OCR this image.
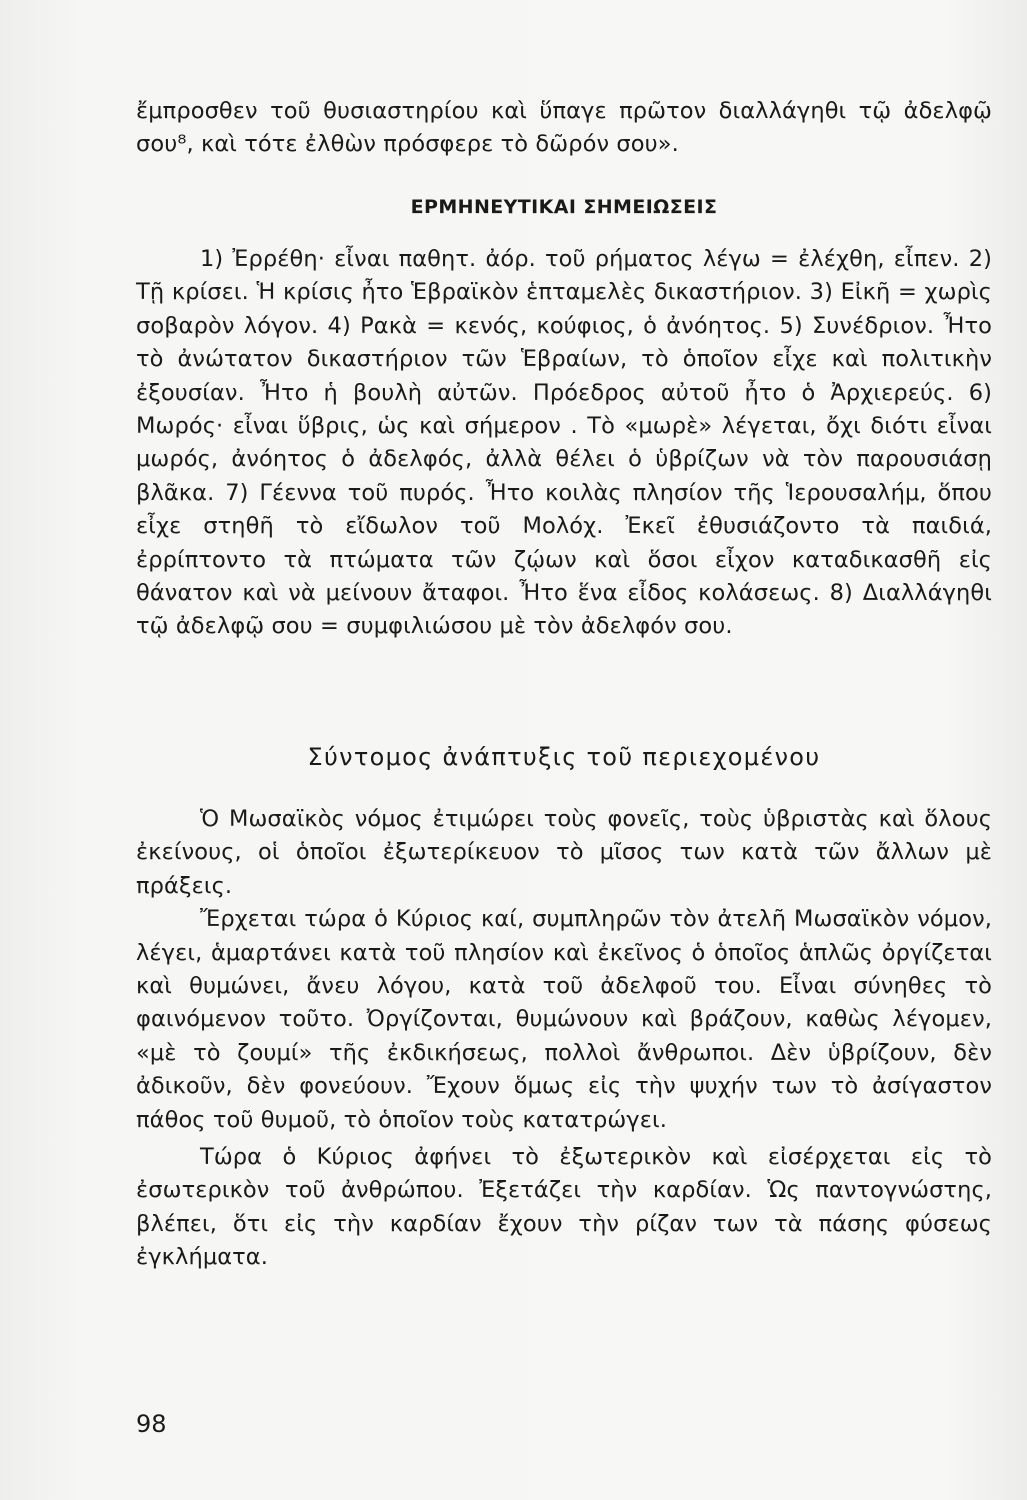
ἔμπροσθεν τοῦ θυσιαστηρίου καὶ ὕπαγε πρῶτον διαλλάγηθι τῷ ἀδελφῷ σου⁸, καὶ τότε ἐλθὼν πρόσφερε τὸ δῶρόν σου».

ΕΡΜΗΝΕΥΤΙΚΑΙ ΣΗΜΕΙΩΣΕΙΣ

1) Ἐρρέθη· εἶναι παθητ. ἀόρ. τοῦ ρήματος λέγω = ἐλέχθη, εἶπεν. 2) Τῇ κρίσει. Ἡ κρίσις ἦτο Ἑβραϊκὸν ἑπταμελὲς δικαστήριον. 3) Εἰκῆ = χωρὶς σοβαρὸν λόγον. 4) Ρακὰ = κενός, κούφιος, ὁ ἀνόητος. 5) Συνέδριον. Ἦτο τὸ ἀνώτατον δικαστήριον τῶν Ἑβραίων, τὸ ὁποῖον εἶχε καὶ πολιτικὴν ἐξουσίαν. Ἦτο ἡ βουλὴ αὐτῶν. Πρόεδρος αὐτοῦ ἦτο ὁ Ἀρχιερεύς. 6) Μωρός· εἶναι ὕβρις, ὡς καὶ σήμερον . Τὸ «μωρὲ» λέγεται, ὄχι διότι εἶναι μωρός, ἀνόητος ὁ ἀδελφός, ἀλλὰ θέλει ὁ ὑβρίζων νὰ τὸν παρουσιάσῃ βλᾶκα. 7) Γέεννα τοῦ πυρός. Ἦτο κοιλὰς πλησίον τῆς Ἱερουσαλήμ, ὅπου εἶχε στηθῆ τὸ εἴδωλον τοῦ Μολόχ. Ἐκεῖ ἐθυσιάζοντο τὰ παιδιά, ἐρρίπτοντο τὰ πτώματα τῶν ζῴων καὶ ὅσοι εἶχον καταδικασθῆ εἰς θάνατον καὶ νὰ μείνουν ἄταφοι. Ἦτο ἕνα εἶδος κολάσεως. 8) Διαλλάγηθι τῷ ἀδελφῷ σου = συμφιλιώσου μὲ τὸν ἀδελφόν σου.

Σύντομος ἀνάπτυξις τοῦ περιεχομένου

Ὁ Μωσαϊκὸς νόμος ἐτιμώρει τοὺς φονεῖς, τοὺς ὑβριστὰς καὶ ὅλους ἐκείνους, οἱ ὁποῖοι ἐξωτερίκευον τὸ μῖσος των κατὰ τῶν ἄλλων μὲ πράξεις.

Ἔρχεται τώρα ὁ Κύριος καί, συμπληρῶν τὸν ἀτελῆ Μωσαϊκὸν νόμον, λέγει, ἁμαρτάνει κατὰ τοῦ πλησίον καὶ ἐκεῖνος ὁ ὁποῖος ἁπλῶς ὀργίζεται καὶ θυμώνει, ἄνευ λόγου, κατὰ τοῦ ἀδελφοῦ του. Εἶναι σύνηθες τὸ φαινόμενον τοῦτο. Ὀργίζονται, θυμώνουν καὶ βράζουν, καθὼς λέγομεν, «μὲ τὸ ζουμί» τῆς ἐκδικήσεως, πολλοὶ ἄνθρωποι. Δὲν ὑβρίζουν, δὲν ἀδικοῦν, δὲν φονεύουν. Ἔχουν ὅμως εἰς τὴν ψυχήν των τὸ ἀσίγαστον πάθος τοῦ θυμοῦ, τὸ ὁποῖον τοὺς κατατρώγει.

Τώρα ὁ Κύριος ἀφήνει τὸ ἐξωτερικὸν καὶ εἰσέρχεται εἰς τὸ ἐσωτερικὸν τοῦ ἀνθρώπου. Ἐξετάζει τὴν καρδίαν. Ὡς παντογνώστης, βλέπει, ὅτι εἰς τὴν καρδίαν ἔχουν τὴν ρίζαν των τὰ πάσης φύσεως ἐγκλήματα.

98
